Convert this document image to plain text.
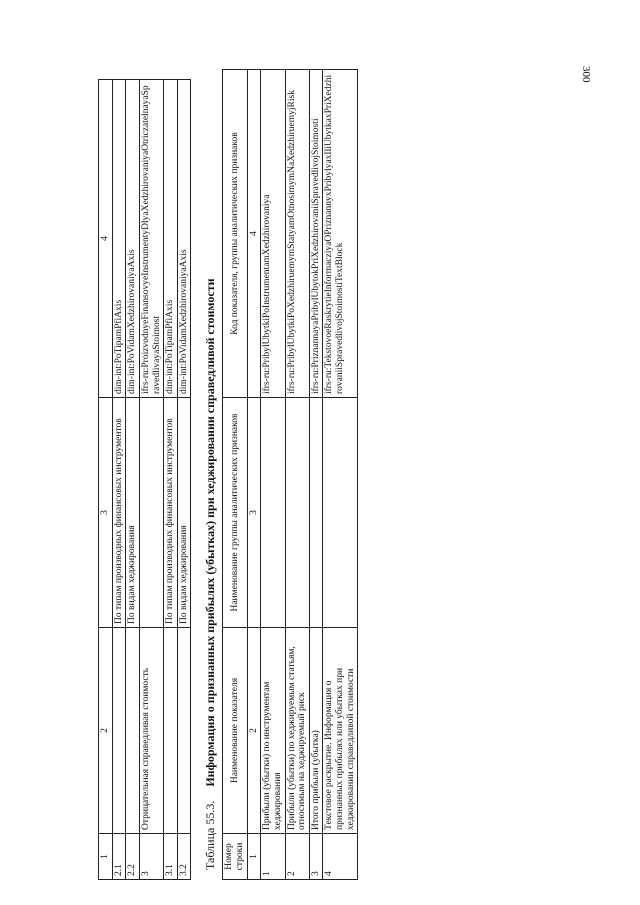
300
1	2	3	4
2.1		По типам производных финансовых инструментов	dim-int:PoTipamPfiAxis
2.2		По видам хеджирования	dim-int:PoVidamXedzhirovaniyaAxis
3	Отрицательная справедливая стоимость		ifrs-ru:ProizvodnyeFinansovyeInstrumentyDlyaXedzhirovaniyaOtriczatelnayaSpravedlivayaStoimost
3.1		По типам производных финансовых инструментов	dim-int:PoTipamPfiAxis
3.2		По видам хеджирования	dim-int:PoVidamXedzhirovaniyaAxis
Таблица 55.3.
Информация о признанных прибылях (убытках) при хеджировании справедливой стоимости
Номер строки	Наименование показателя	Наименование группы аналитических признаков	Код показателя, группы аналитических признаков
1	2	3	4
1	Прибыли (убытки) по инструментам хеджирования		ifrs-ru:PribylUbytkiPoInstrumentamXedzhirovaniya
2	Прибыли (убытки) по хеджируемым статьям, относимым на хеджируемый риск		ifrs-ru:PribylUbytkiPoXedzhiruemymStatyamOtnosimymNaXedzhiruemyjRisk
3	Итого прибыли (убытка)		ifrs-ru:PriznannayaPribylUbytokPriXedzhirovaniiSpravedlivojStoimosti
4	Текстовое раскрытие. Информация о признанных прибылях или убытках при хеджировании справедливой стоимости		ifrs-ru:TekstovoeRaskrytieInformacziyaOPriznannyxPribylyaxIliUbytkaxPriXedzhirovaniiSpravedlivojStoimostiTextBlock
